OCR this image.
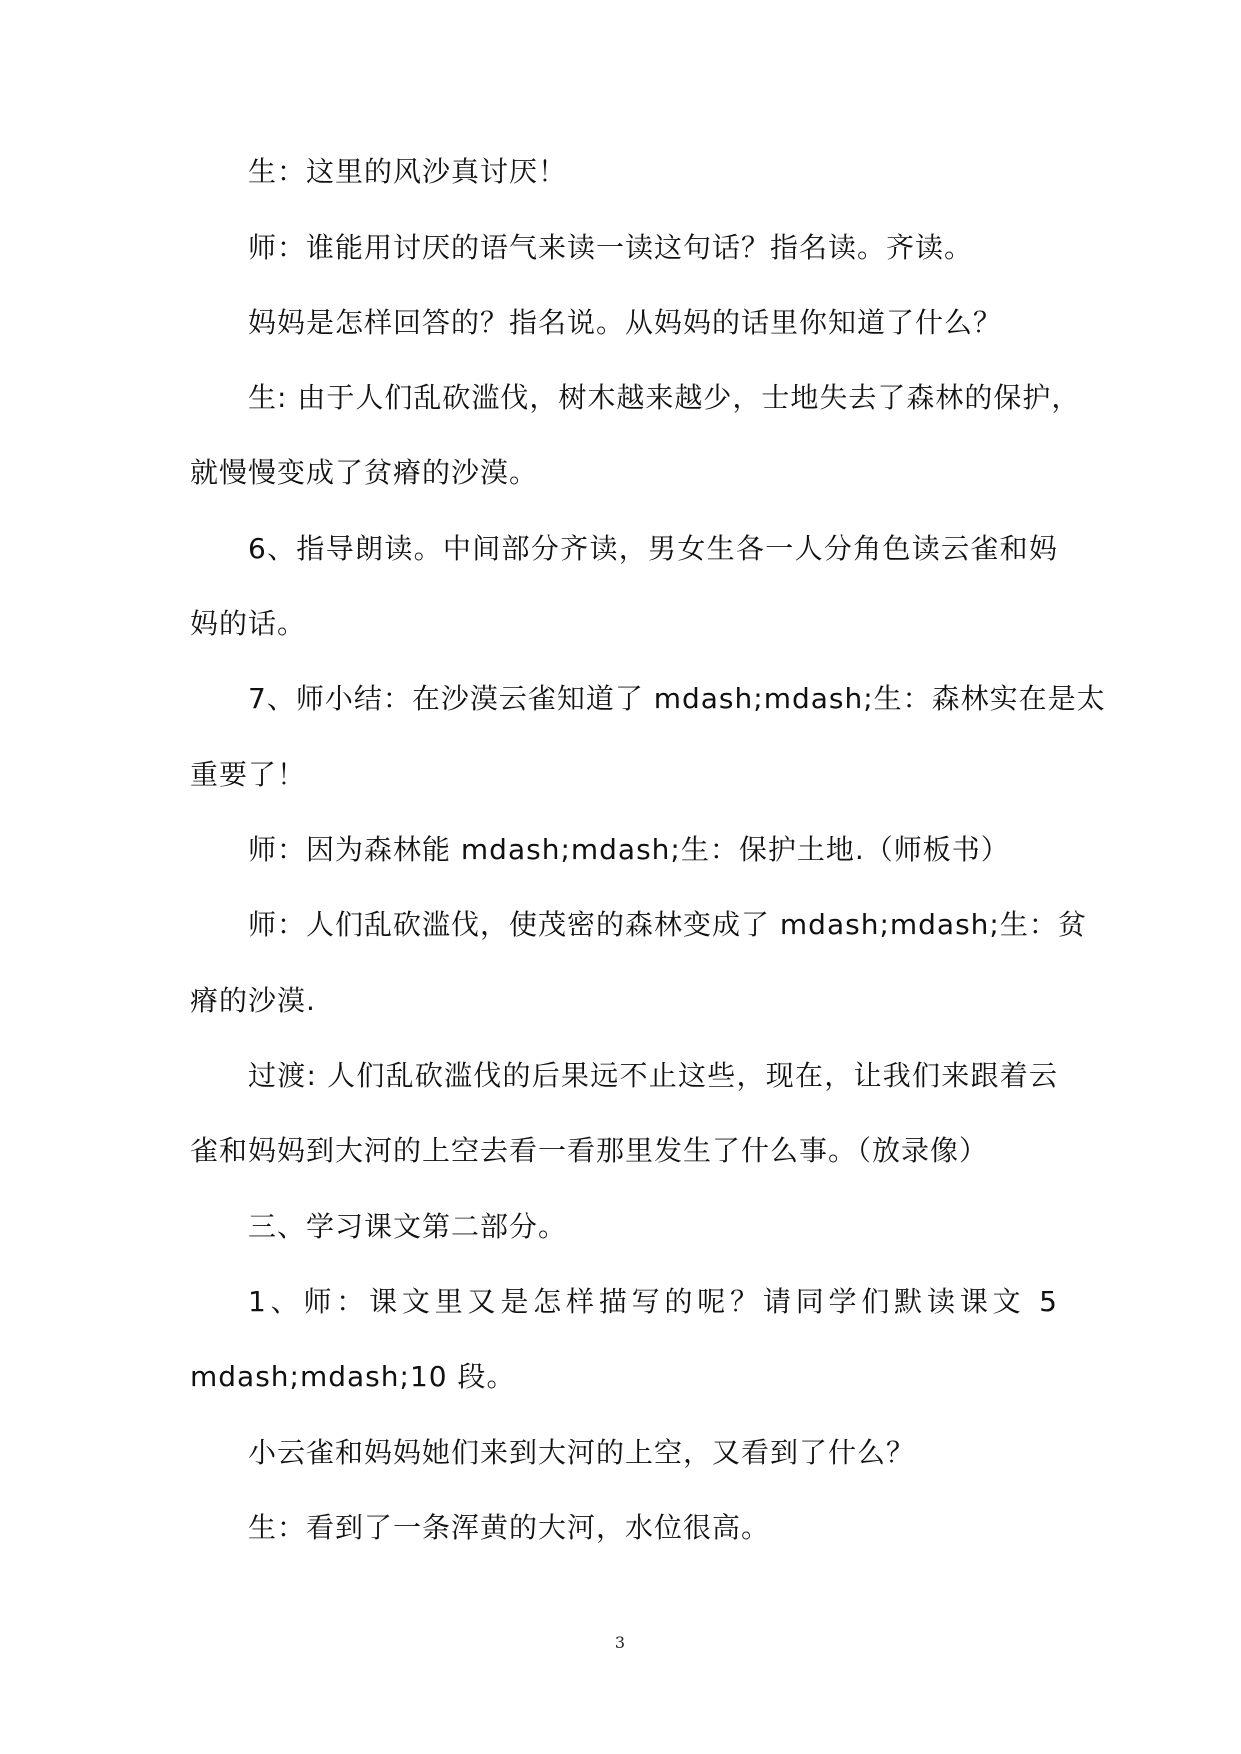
生：这里的风沙真讨厌！
师：谁能用讨厌的语气来读一读这句话？指名读。齐读。
妈妈是怎样回答的？指名说。从妈妈的话里你知道了什么？
生: 由于人们乱砍滥伐，树木越来越少，士地失去了森林的保护，
就慢慢变成了贫瘠的沙漠。
6、指导朗读。中间部分齐读，男女生各一人分角色读云雀和妈
妈的话。
7、师小结：在沙漠云雀知道了 mdash;mdash;生：森林实在是太
重要了！
师：因为森林能 mdash;mdash;生：保护土地.（师板书）
师：人们乱砍滥伐，使茂密的森林变成了 mdash;mdash;生：贫
瘠的沙漠.
过渡: 人们乱砍滥伐的后果远不止这些，现在，让我们来跟着云
雀和妈妈到大河的上空去看一看那里发生了什么事。（放录像）
三、学习课文第二部分。
1、师：课文里又是怎样描写的呢？请同学们默读课文 5
mdash;mdash;10 段。
小云雀和妈妈她们来到大河的上空，又看到了什么？
生：看到了一条浑黄的大河，水位很高。
3
